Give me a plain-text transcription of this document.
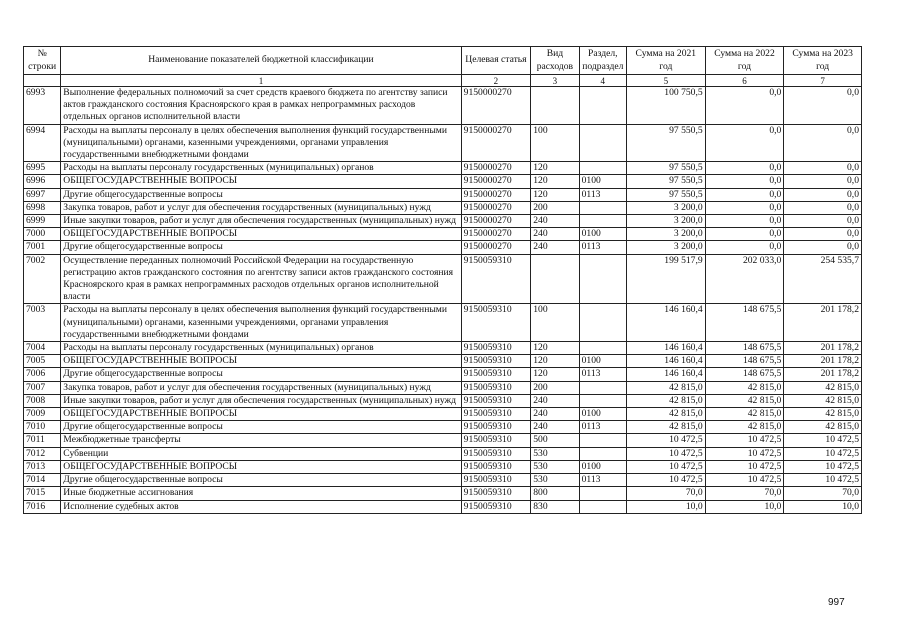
№ строки	Наименование показателей бюджетной классификации	Целевая статья	Вид расходов	Раздел, подраздел	Сумма на 2021 год	Сумма на 2022 год	Сумма на 2023 год
	1	2	3	4	5	6	7
6993	Выполнение федеральных полномочий за счет средств краевого бюджета по агентству записи актов гражданского состояния Красноярского края в рамках непрограммных расходов отдельных органов исполнительной власти	9150000270			100 750,5	0,0	0,0
6994	Расходы на выплаты персоналу в целях обеспечения выполнения функций государственными (муниципальными) органами, казенными учреждениями, органами управления государственными внебюджетными фондами	9150000270	100		97 550,5	0,0	0,0
6995	Расходы на выплаты персоналу государственных (муниципальных) органов	9150000270	120		97 550,5	0,0	0,0
6996	ОБЩЕГОСУДАРСТВЕННЫЕ ВОПРОСЫ	9150000270	120	0100	97 550,5	0,0	0,0
6997	Другие общегосударственные вопросы	9150000270	120	0113	97 550,5	0,0	0,0
6998	Закупка товаров, работ и услуг для обеспечения государственных (муниципальных) нужд	9150000270	200		3 200,0	0,0	0,0
6999	Иные закупки товаров, работ и услуг для обеспечения государственных (муниципальных) нужд	9150000270	240		3 200,0	0,0	0,0
7000	ОБЩЕГОСУДАРСТВЕННЫЕ ВОПРОСЫ	9150000270	240	0100	3 200,0	0,0	0,0
7001	Другие общегосударственные вопросы	9150000270	240	0113	3 200,0	0,0	0,0
7002	Осуществление переданных полномочий Российской Федерации на государственную регистрацию актов гражданского состояния по агентству записи актов гражданского состояния Красноярского края в рамках непрограммных расходов отдельных органов исполнительной власти	9150059310			199 517,9	202 033,0	254 535,7
7003	Расходы на выплаты персоналу в целях обеспечения выполнения функций государственными (муниципальными) органами, казенными учреждениями, органами управления государственными внебюджетными фондами	9150059310	100		146 160,4	148 675,5	201 178,2
7004	Расходы на выплаты персоналу государственных (муниципальных) органов	9150059310	120		146 160,4	148 675,5	201 178,2
7005	ОБЩЕГОСУДАРСТВЕННЫЕ ВОПРОСЫ	9150059310	120	0100	146 160,4	148 675,5	201 178,2
7006	Другие общегосударственные вопросы	9150059310	120	0113	146 160,4	148 675,5	201 178,2
7007	Закупка товаров, работ и услуг для обеспечения государственных (муниципальных) нужд	9150059310	200		42 815,0	42 815,0	42 815,0
7008	Иные закупки товаров, работ и услуг для обеспечения государственных (муниципальных) нужд	9150059310	240		42 815,0	42 815,0	42 815,0
7009	ОБЩЕГОСУДАРСТВЕННЫЕ ВОПРОСЫ	9150059310	240	0100	42 815,0	42 815,0	42 815,0
7010	Другие общегосударственные вопросы	9150059310	240	0113	42 815,0	42 815,0	42 815,0
7011	Межбюджетные трансферты	9150059310	500		10 472,5	10 472,5	10 472,5
7012	Субвенции	9150059310	530		10 472,5	10 472,5	10 472,5
7013	ОБЩЕГОСУДАРСТВЕННЫЕ ВОПРОСЫ	9150059310	530	0100	10 472,5	10 472,5	10 472,5
7014	Другие общегосударственные вопросы	9150059310	530	0113	10 472,5	10 472,5	10 472,5
7015	Иные бюджетные ассигнования	9150059310	800		70,0	70,0	70,0
7016	Исполнение судебных актов	9150059310	830		10,0	10,0	10,0
997
